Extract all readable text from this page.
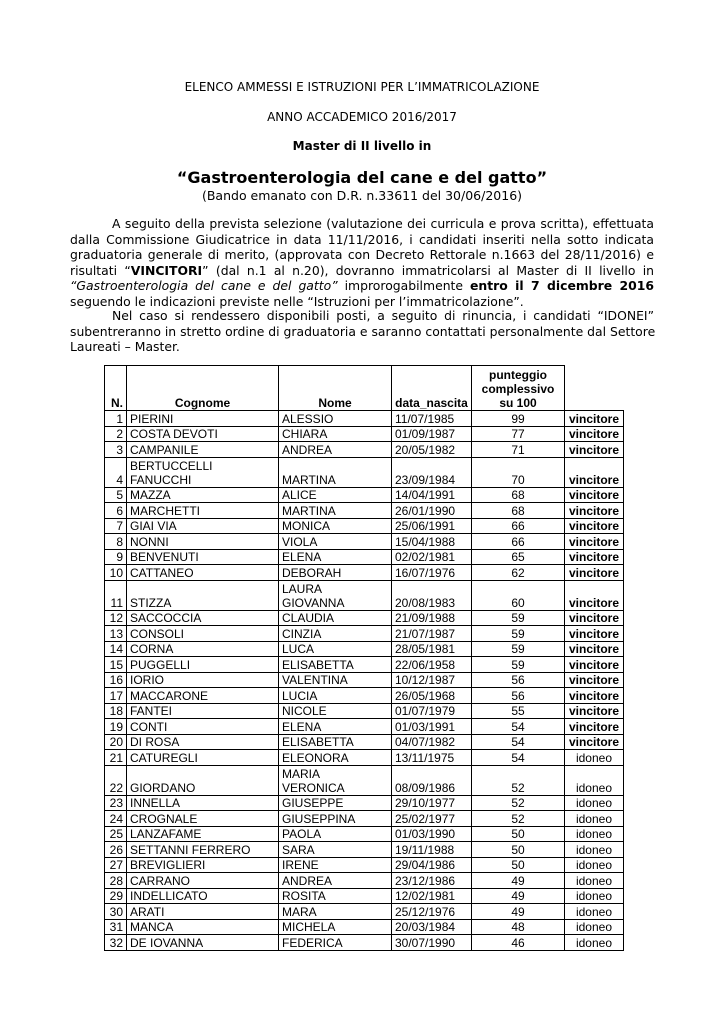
ELENCO AMMESSI E ISTRUZIONI PER L’IMMATRICOLAZIONE
ANNO ACCADEMICO 2016/2017
Master di II livello in
“Gastroenterologia del cane e del gatto”
(Bando emanato con D.R. n.33611 del 30/06/2016)
A seguito della prevista selezione (valutazione dei curricula e prova scritta), effettuata
dalla Commissione Giudicatrice in data 11/11/2016, i candidati inseriti nella sotto indicata
graduatoria generale di merito, (approvata con Decreto Rettorale n.1663 del 28/11/2016) e
risultati “VINCITORI” (dal n.1 al n.20), dovranno immatricolarsi al Master di II livello in
“Gastroenterologia del cane e del gatto” improrogabilmente entro il 7 dicembre 2016
seguendo le indicazioni previste nelle “Istruzioni per l’immatricolazione”.
Nel caso si rendessero disponibili posti, a seguito di rinuncia, i candidati “IDONEI”
subentreranno in stretto ordine di graduatoria e saranno contattati personalmente dal Settore
Laureati – Master.
N.	Cognome	Nome	data_nascita	punteggio
complessivo
su 100	

1	PIERINI	ALESSIO	11/07/1985	99	vincitore

2	COSTA DEVOTI	CHIARA	01/09/1987	77	vincitore

3	CAMPANILE	ANDREA	20/05/1982	71	vincitore

4	BERTUCCELLI
FANUCCHI	MARTINA	23/09/1984	70	vincitore

5	MAZZA	ALICE	14/04/1991	68	vincitore

6	MARCHETTI	MARTINA	26/01/1990	68	vincitore

7	GIAI VIA	MONICA	25/06/1991	66	vincitore

8	NONNI	VIOLA	15/04/1988	66	vincitore

9	BENVENUTI	ELENA	02/02/1981	65	vincitore

10	CATTANEO	DEBORAH	16/07/1976	62	vincitore

11	STIZZA	LAURA
GIOVANNA	20/08/1983	60	vincitore

12	SACCOCCIA	CLAUDIA	21/09/1988	59	vincitore

13	CONSOLI	CINZIA	21/07/1987	59	vincitore

14	CORNA	LUCA	28/05/1981	59	vincitore

15	PUGGELLI	ELISABETTA	22/06/1958	59	vincitore

16	IORIO	VALENTINA	10/12/1987	56	vincitore

17	MACCARONE	LUCIA	26/05/1968	56	vincitore

18	FANTEI	NICOLE	01/07/1979	55	vincitore

19	CONTI	ELENA	01/03/1991	54	vincitore

20	DI ROSA	ELISABETTA	04/07/1982	54	vincitore

21	CATUREGLI	ELEONORA	13/11/1975	54	idoneo

22	GIORDANO	MARIA
VERONICA	08/09/1986	52	idoneo

23	INNELLA	GIUSEPPE	29/10/1977	52	idoneo

24	CROGNALE	GIUSEPPINA	25/02/1977	52	idoneo

25	LANZAFAME	PAOLA	01/03/1990	50	idoneo

26	SETTANNI FERRERO	SARA	19/11/1988	50	idoneo

27	BREVIGLIERI	IRENE	29/04/1986	50	idoneo

28	CARRANO	ANDREA	23/12/1986	49	idoneo

29	INDELLICATO	ROSITA	12/02/1981	49	idoneo

30	ARATI	MARA	25/12/1976	49	idoneo

31	MANCA	MICHELA	20/03/1984	48	idoneo

32	DE IOVANNA	FEDERICA	30/07/1990	46	idoneo
